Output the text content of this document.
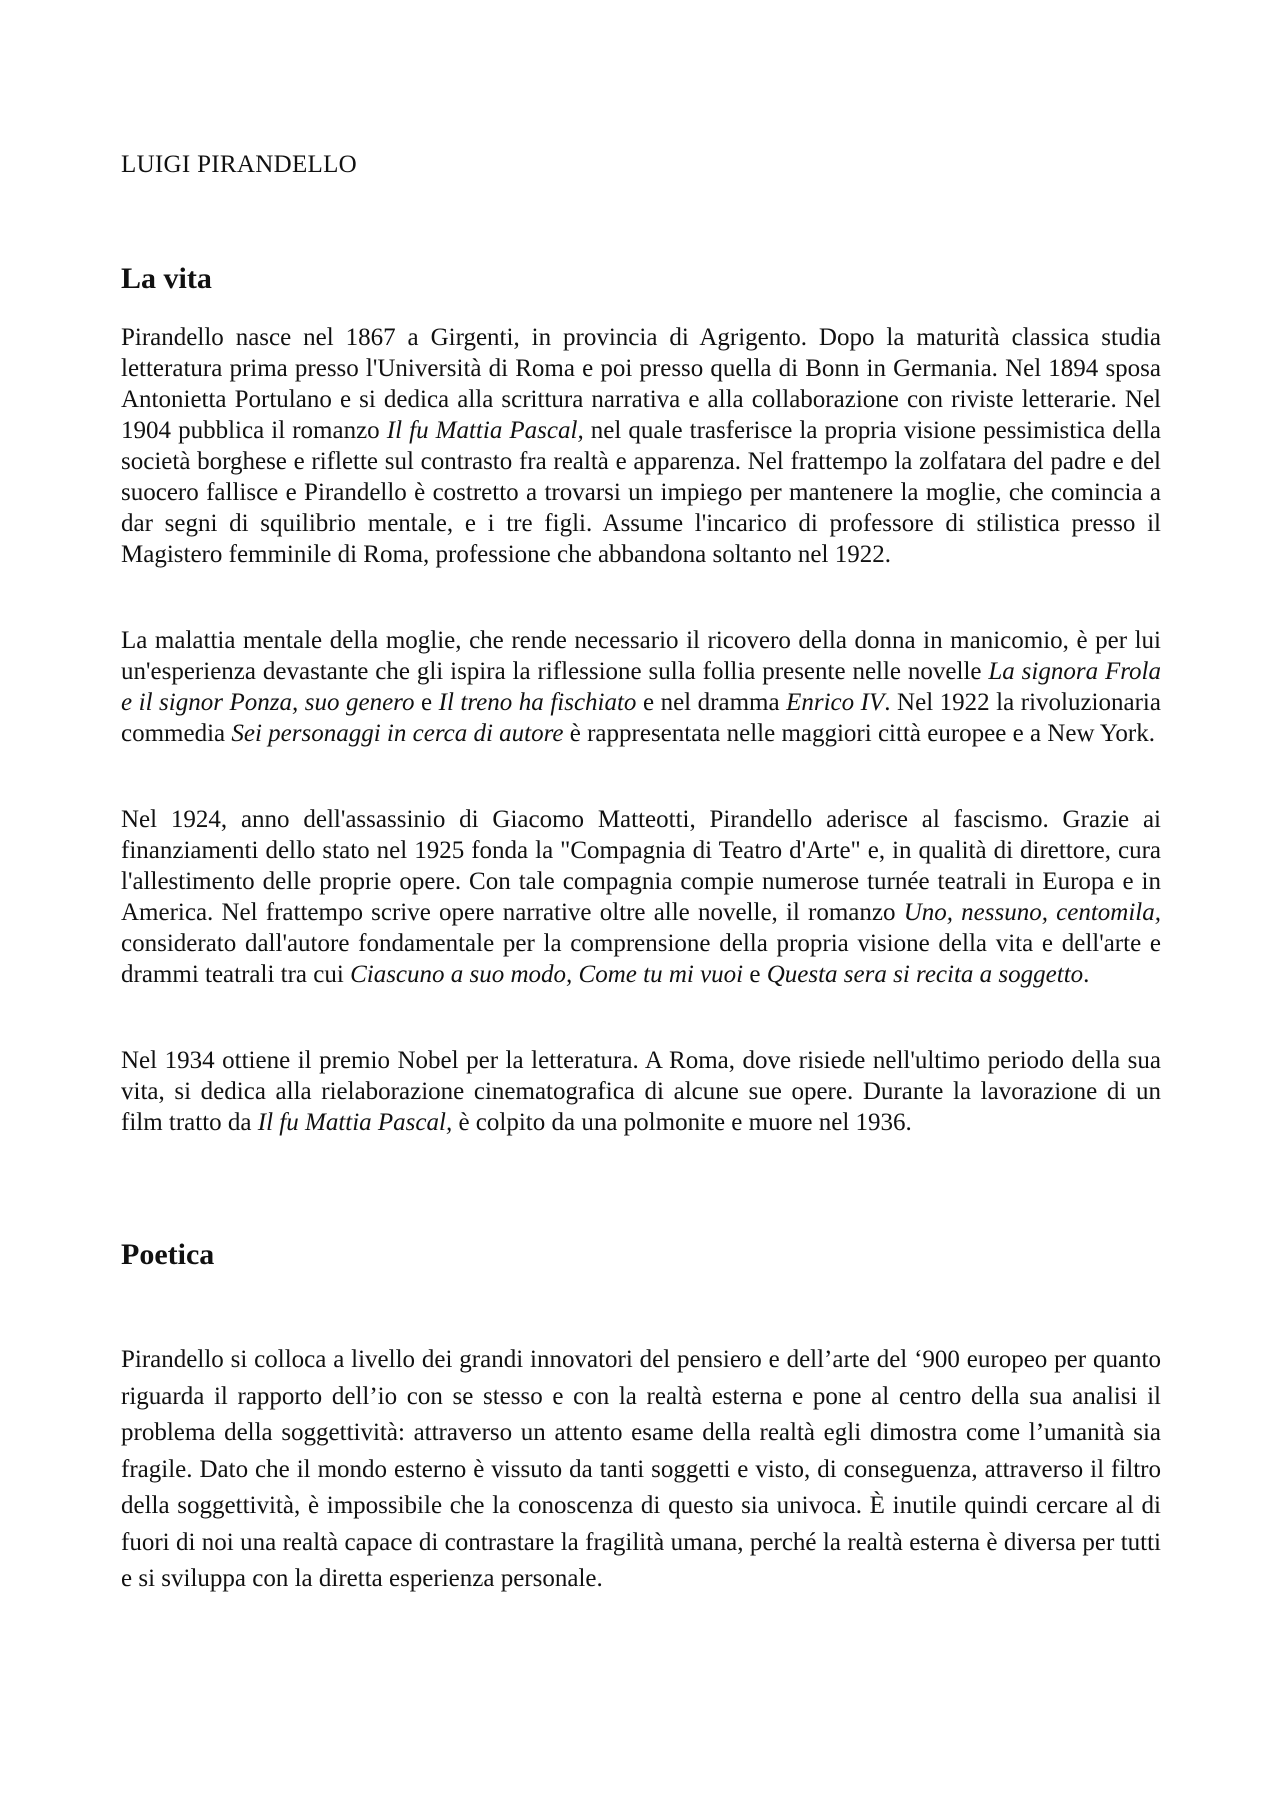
LUIGI PIRANDELLO

La vita

Pirandello nasce nel 1867 a Girgenti, in provincia di Agrigento. Dopo la maturità classica studia letteratura prima presso l'Università di Roma e poi presso quella di Bonn in Germania. Nel 1894 sposa Antonietta Portulano e si dedica alla scrittura narrativa e alla collaborazione con riviste letterarie. Nel 1904 pubblica il romanzo Il fu Mattia Pascal, nel quale trasferisce la propria visione pessimistica della società borghese e riflette sul contrasto fra realtà e apparenza. Nel frattempo la zolfatara del padre e del suocero fallisce e Pirandello è costretto a trovarsi un impiego per mantenere la moglie, che comincia a dar segni di squilibrio mentale, e i tre figli. Assume l'incarico di professore di stilistica presso il Magistero femminile di Roma, professione che abbandona soltanto nel 1922.

La malattia mentale della moglie, che rende necessario il ricovero della donna in manicomio, è per lui un'esperienza devastante che gli ispira la riflessione sulla follia presente nelle novelle La signora Frola e il signor Ponza, suo genero e Il treno ha fischiato e nel dramma Enrico IV. Nel 1922 la rivoluzionaria commedia Sei personaggi in cerca di autore è rappresentata nelle maggiori città europee e a New York.

Nel 1924, anno dell'assassinio di Giacomo Matteotti, Pirandello aderisce al fascismo. Grazie ai finanziamenti dello stato nel 1925 fonda la "Compagnia di Teatro d'Arte" e, in qualità di direttore, cura l'allestimento delle proprie opere. Con tale compagnia compie numerose turnée teatrali in Europa e in America. Nel frattempo scrive opere narrative oltre alle novelle, il romanzo Uno, nessuno, centomila, considerato dall'autore fondamentale per la comprensione della propria visione della vita e dell'arte e drammi teatrali tra cui Ciascuno a suo modo, Come tu mi vuoi e Questa sera si recita a soggetto.

Nel 1934 ottiene il premio Nobel per la letteratura. A Roma, dove risiede nell'ultimo periodo della sua vita, si dedica alla rielaborazione cinematografica di alcune sue opere. Durante la lavorazione di un film tratto da Il fu Mattia Pascal, è colpito da una polmonite e muore nel 1936.

Poetica

Pirandello si colloca a livello dei grandi innovatori del pensiero e dell’arte del ‘900 europeo per quanto riguarda il rapporto dell’io con se stesso e con la realtà esterna e pone al centro della sua analisi il problema della soggettività: attraverso un attento esame della realtà egli dimostra come l’umanità sia fragile. Dato che il mondo esterno è vissuto da tanti soggetti e visto, di conseguenza, attraverso il filtro della soggettività, è impossibile che la conoscenza di questo sia univoca. È inutile quindi cercare al di fuori di noi una realtà capace di contrastare la fragilità umana, perché la realtà esterna è diversa per tutti e si sviluppa con la diretta esperienza personale.
